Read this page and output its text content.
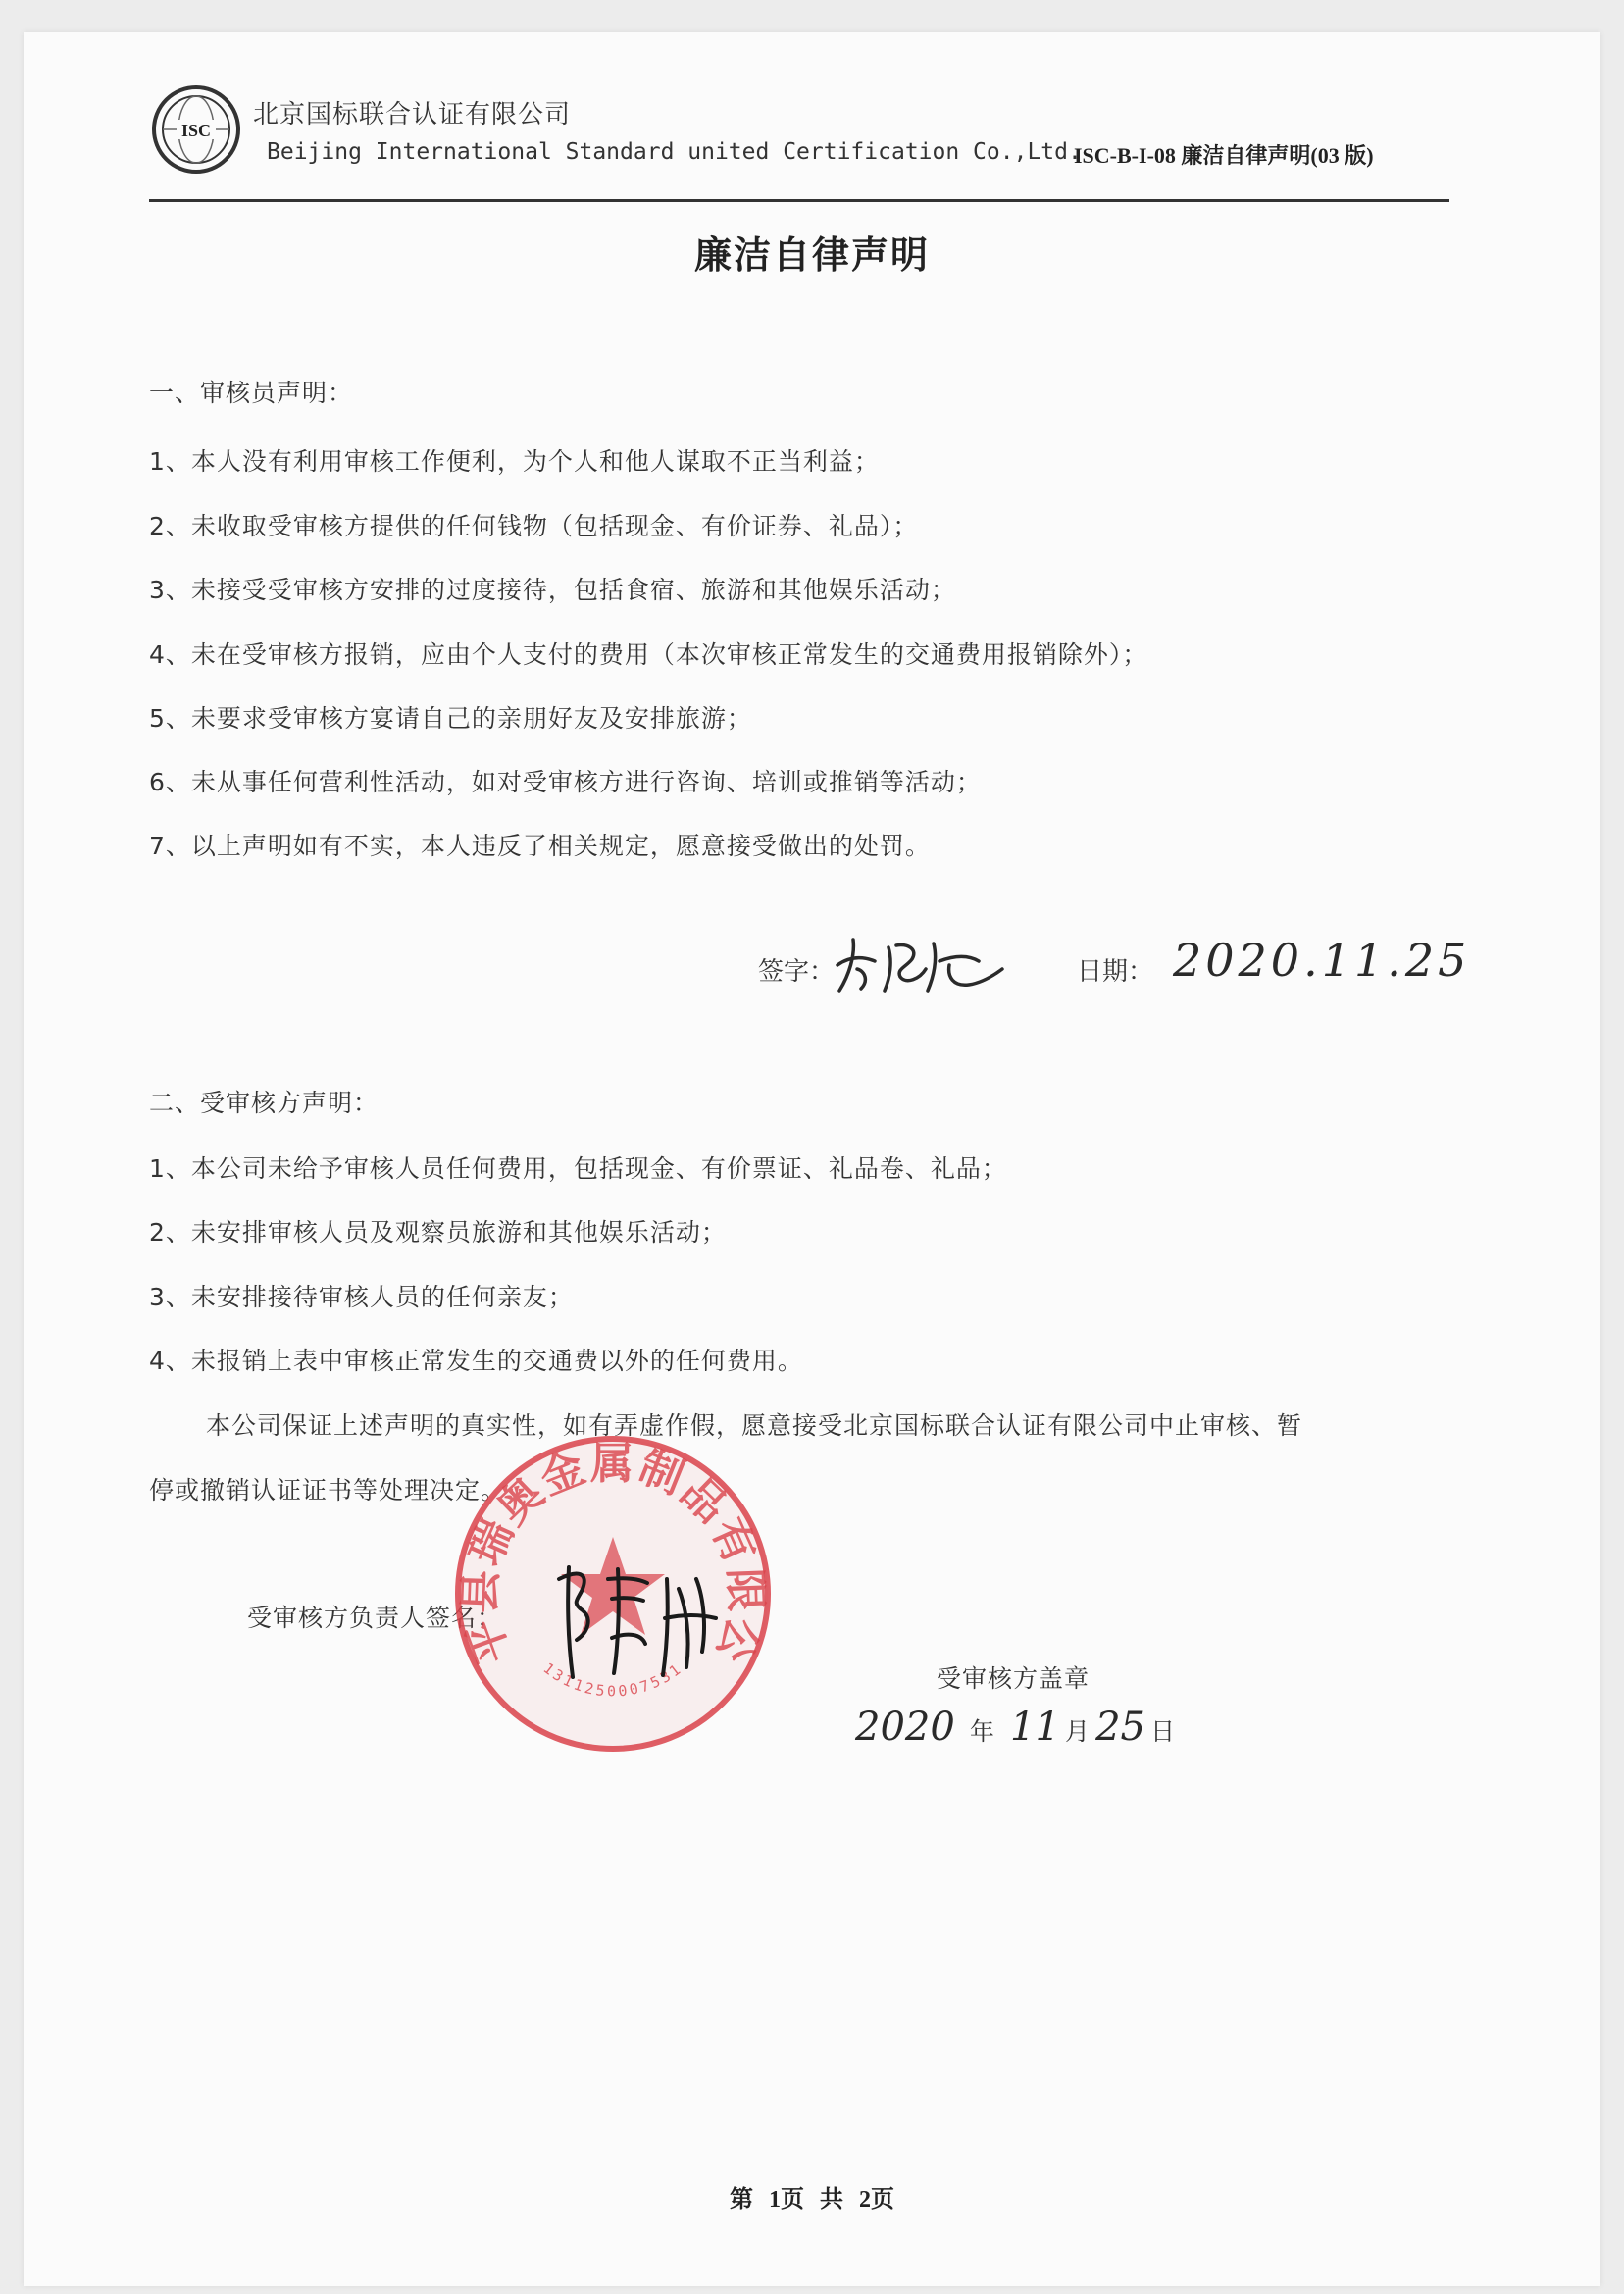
ISC
北京国标联合认证有限公司
Beijing International Standard united Certification Co.,Ltd.
ISC-B-I-08 廉洁自律声明(03 版)
廉洁自律声明
一、审核员声明：
1、本人没有利用审核工作便利，为个人和他人谋取不正当利益；
2、未收取受审核方提供的任何钱物（包括现金、有价证券、礼品）；
3、未接受受审核方安排的过度接待，包括食宿、旅游和其他娱乐活动；
4、未在受审核方报销，应由个人支付的费用（本次审核正常发生的交通费用报销除外）；
5、未要求受审核方宴请自己的亲朋好友及安排旅游；
6、未从事任何营利性活动，如对受审核方进行咨询、培训或推销等活动；
7、以上声明如有不实，本人违反了相关规定，愿意接受做出的处罚。
签字：	日期： 2020.11.25
二、受审核方声明：
1、本公司未给予审核人员任何费用，包括现金、有价票证、礼品卷、礼品；
2、未安排审核人员及观察员旅游和其他娱乐活动；
3、未安排接待审核人员的任何亲友；
4、未报销上表中审核正常发生的交通费以外的任何费用。
本公司保证上述声明的真实性，如有弄虚作假，愿意接受北京国标联合认证有限公司中止审核、暂
停或撤销认证证书等处理决定。
受审核方负责人签名：
平县瑞奥金属制品有限公
1311250007531	受审核方盖章
2020 年 11 月 25 日
第 1页 共 2页
